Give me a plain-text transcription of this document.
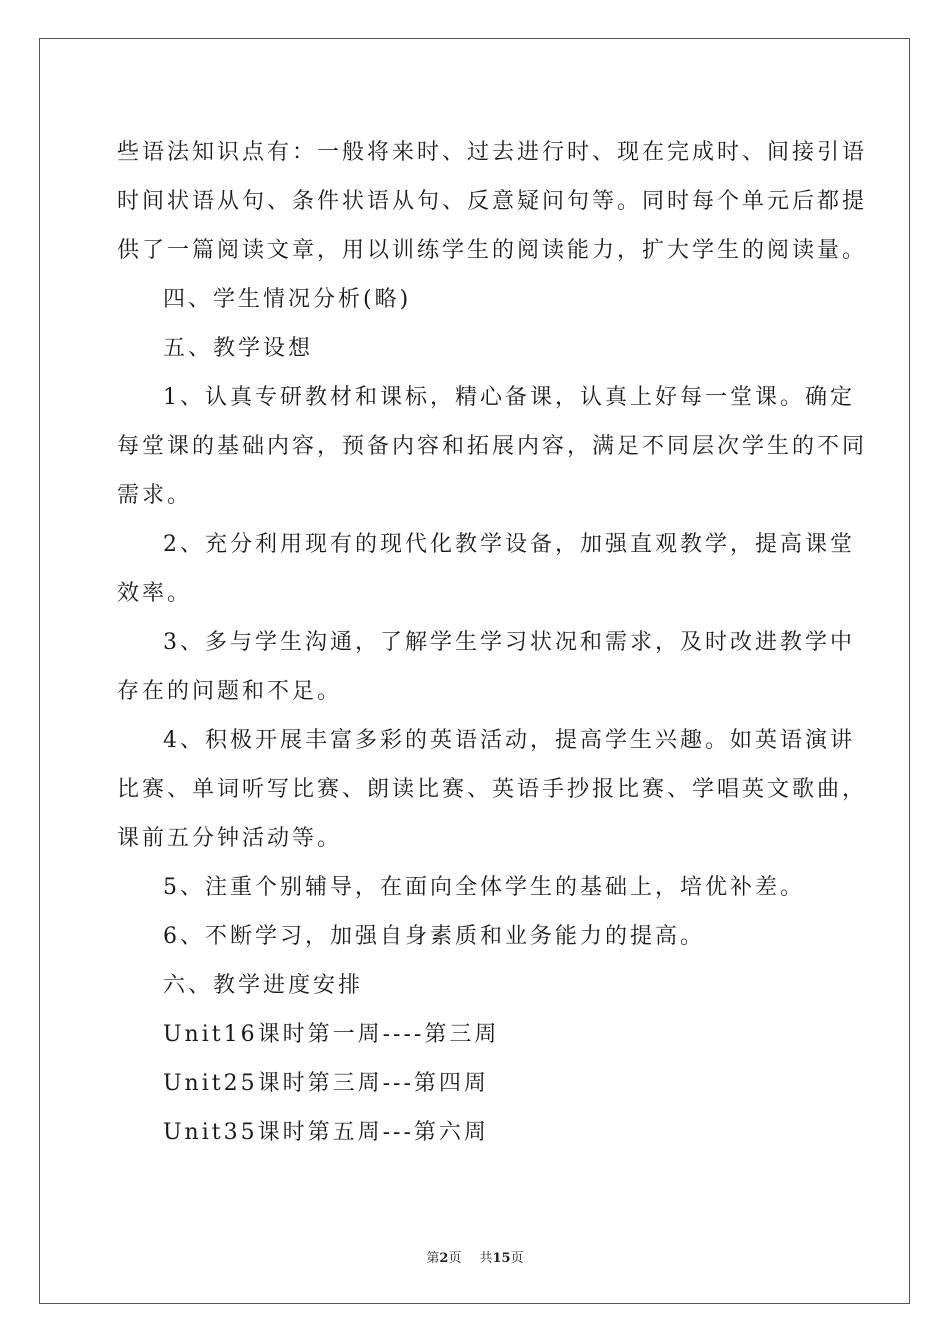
些语法知识点有：一般将来时、过去进行时、现在完成时、间接引语

时间状语从句、条件状语从句、反意疑问句等。同时每个单元后都提

供了一篇阅读文章，用以训练学生的阅读能力，扩大学生的阅读量。

四、学生情况分析(略)

五、教学设想

1、认真专研教材和课标，精心备课，认真上好每一堂课。确定

每堂课的基础内容，预备内容和拓展内容，满足不同层次学生的不同

需求。

2、充分利用现有的现代化教学设备，加强直观教学，提高课堂

效率。

3、多与学生沟通，了解学生学习状况和需求，及时改进教学中

存在的问题和不足。

4、积极开展丰富多彩的英语活动，提高学生兴趣。如英语演讲

比赛、单词听写比赛、朗读比赛、英语手抄报比赛、学唱英文歌曲，

课前五分钟活动等。

5、注重个别辅导，在面向全体学生的基础上，培优补差。

6、不断学习，加强自身素质和业务能力的提高。

六、教学进度安排

Unit16课时第一周----第三周

Unit25课时第三周---第四周

Unit35课时第五周---第六周

第2页 共15页
